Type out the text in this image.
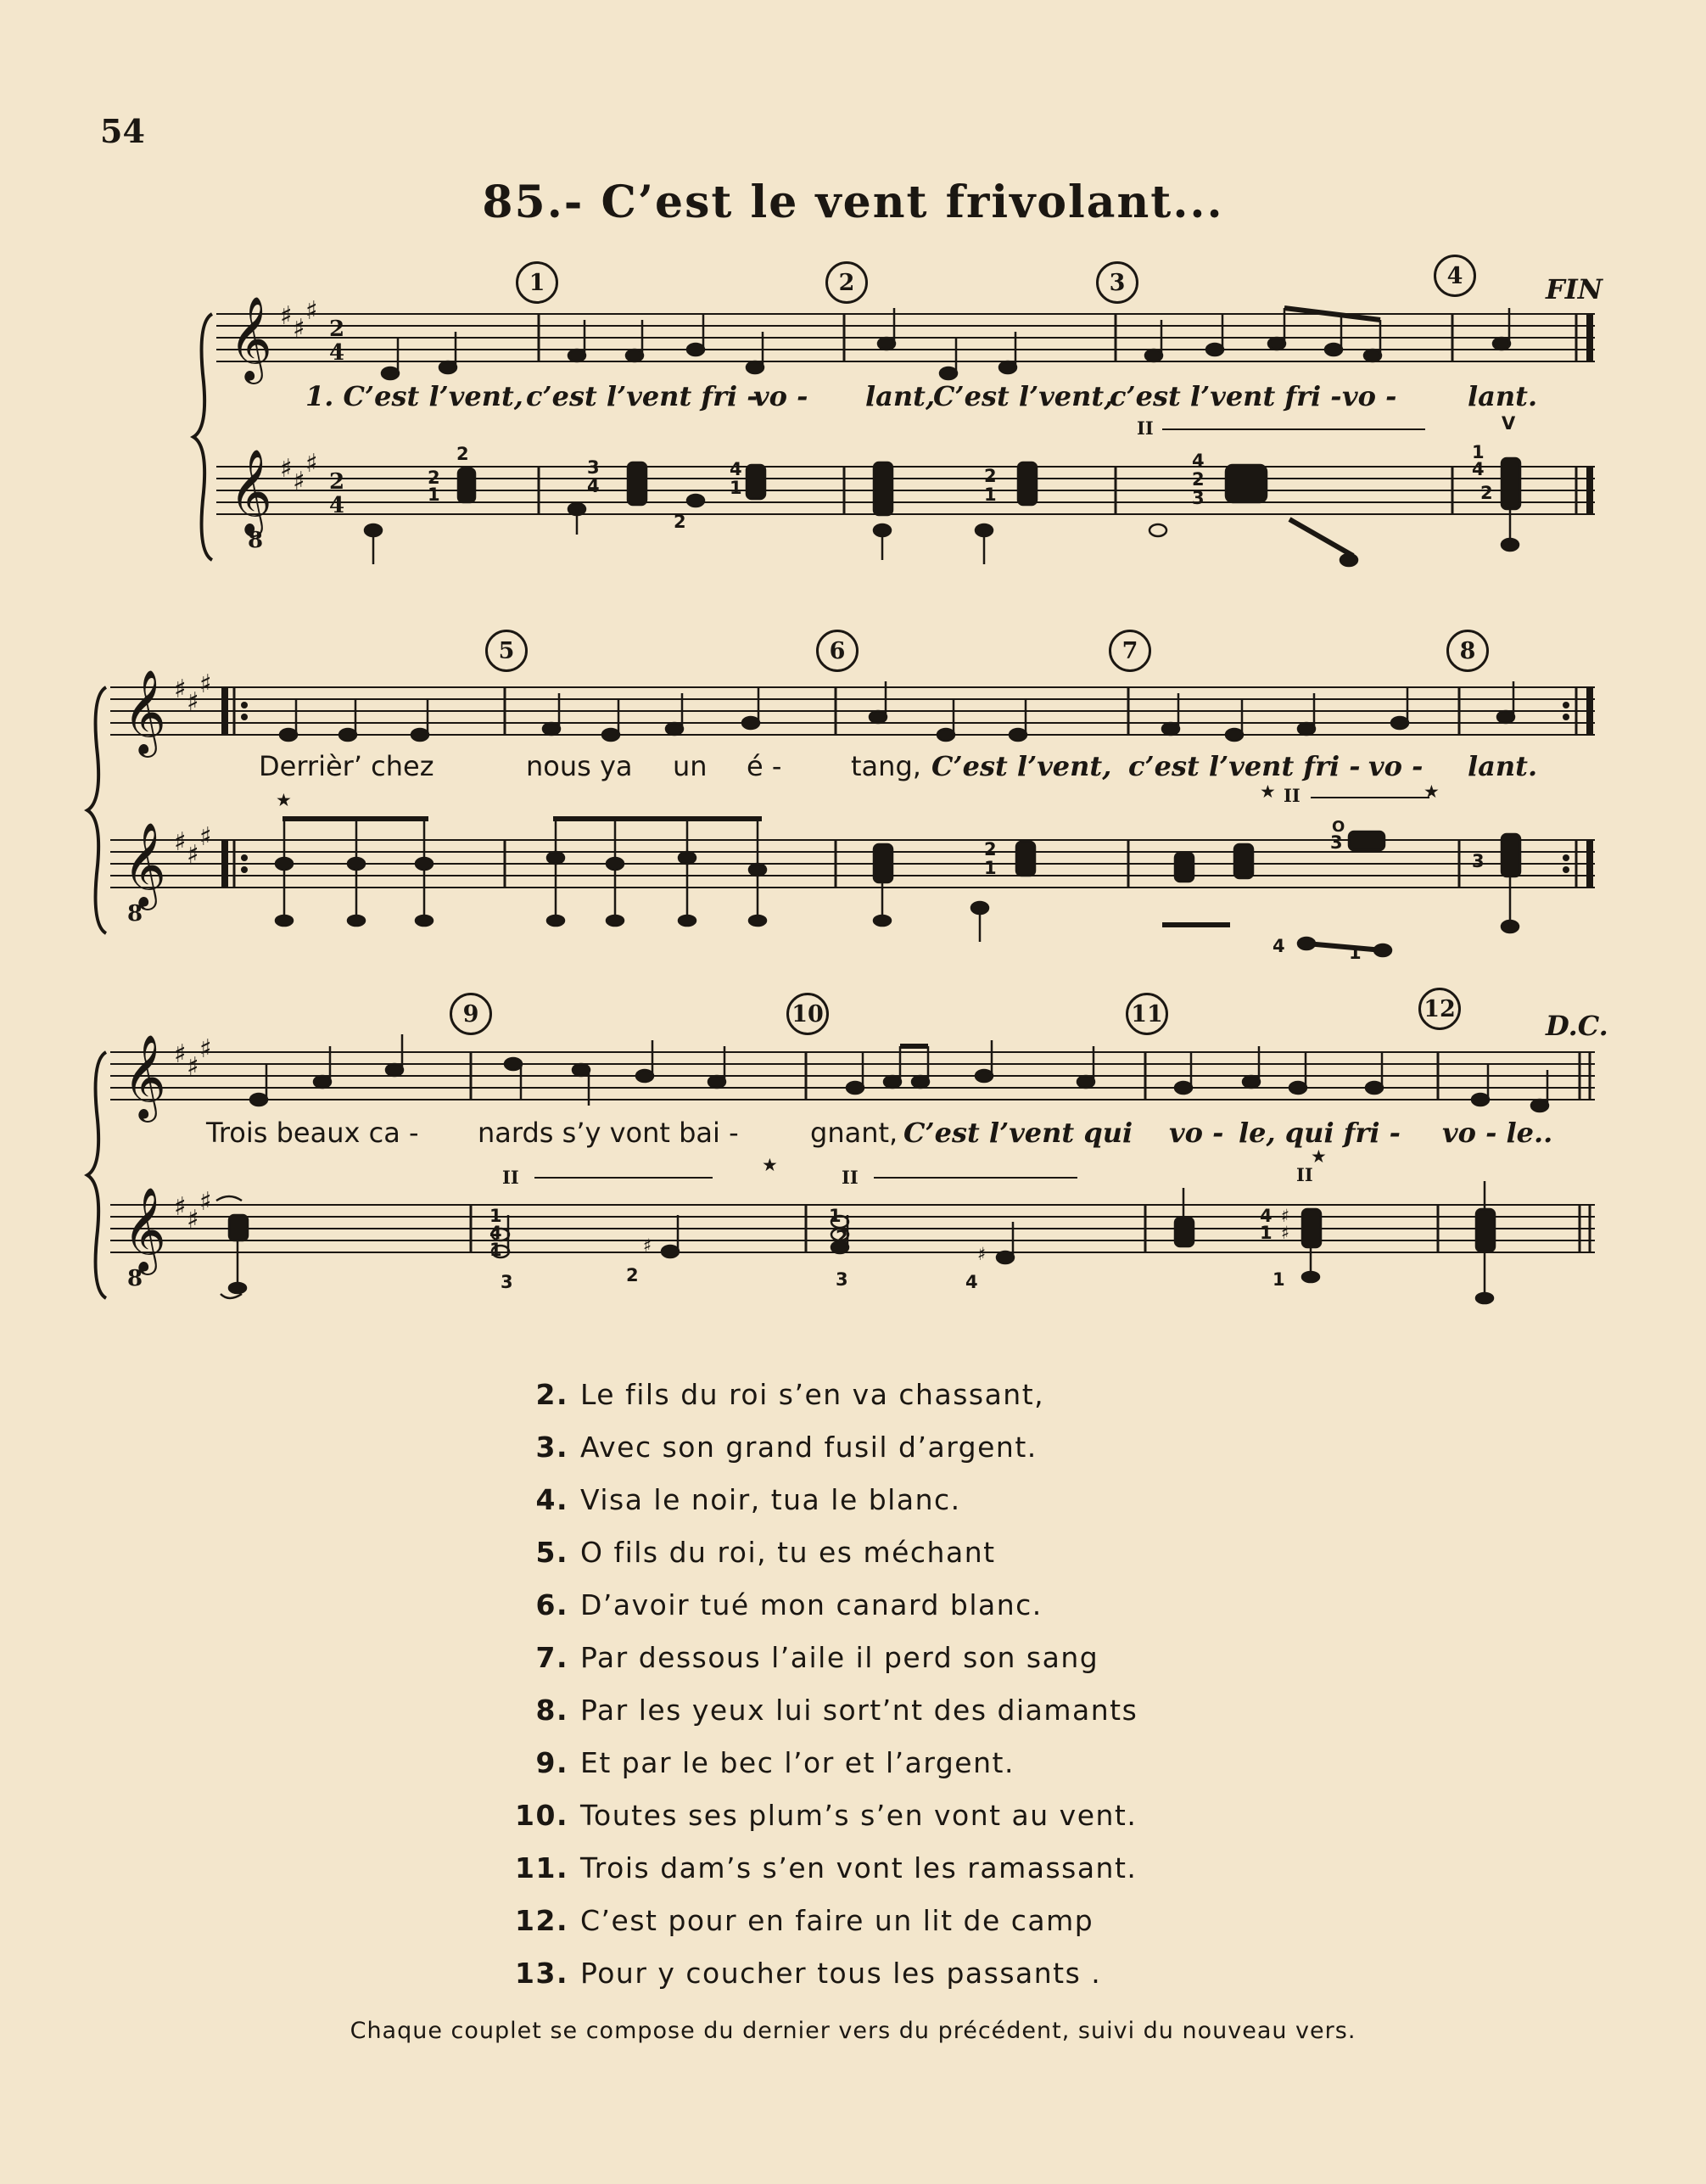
54
85.- C’est le vent frivolant...
𝄞
𝄞
8
♯ ♯
♯
♯ ♯
♯
2
4
2
4
2
1
2
3
4
4
1
2
2
1
4
2
3
1
4
2
II	V
1	2	3	4	FIN
1. C’est l’vent, c’est l’vent fri -
vo - lant,
C’est l’vent,
c’est l’vent fri - vo -	lant.
𝄞
𝄞
8
♯ ♯
♯
♯ ♯
♯
★
2
1
3
4	1
3
★	★
II
O
5	6	7	8
Derrièr’ chez	nous ya un é -	tang, C’est l’vent, c’est l’vent fri - vo - lant.
𝄞
𝄞
8
♯ ♯
♯
♯ ♯
♯	1
4
1
3	2
♯
1
2
3	4
♯
4
1
1
♯
♯
★	★
II	II	II
9	10	11	12
D.C.
Trois beaux ca - nards s’y vont bai -	gnant, C’est l’vent qui vo - le, qui fri - vo - le..
2. Le fils du roi s’en va chassant,
3. Avec son grand fusil d’argent.
4. Visa le noir, tua le blanc.
5. O fils du roi, tu es méchant
6. D’avoir tué mon canard blanc.
7. Par dessous l’aile il perd son sang
8. Par les yeux lui sort’nt des diamants
9. Et par le bec l’or et l’argent.
10. Toutes ses plum’s s’en vont au vent.
11. Trois dam’s s’en vont les ramassant.
12. C’est pour en faire un lit de camp
13. Pour y coucher tous les passants .
Chaque couplet se compose du dernier vers du précédent, suivi du nouveau vers.
